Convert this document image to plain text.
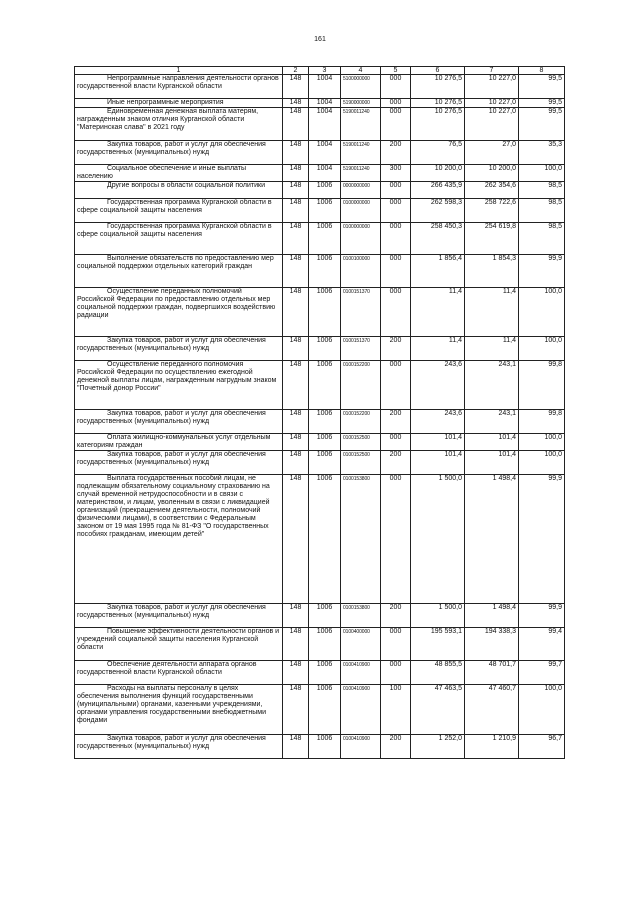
161
1	2	3	4	5	6	7	8
Непрограммные направления деятельности органов государственной власти Курганской области	148	1004	5100000000	000	10 276,5	10 227,0	99,5
Иные непрограммные мероприятия	148	1004	5190000000	000	10 276,5	10 227,0	99,5
Единовременная денежная выплата матерям, награжденным знаком отличия Курганской области "Материнская слава" в 2021 году	148	1004	5190011240	000	10 276,5	10 227,0	99,5
Закупка товаров, работ и услуг для обеспечения государственных (муниципальных) нужд	148	1004	5190011240	200	76,5	27,0	35,3
Социальное обеспечение и иные выплаты населению	148	1004	5190011240	300	10 200,0	10 200,0	100,0
Другие вопросы в области социальной политики	148	1006	0000000000	000	266 435,9	262 354,6	98,5
Государственная программа Курганской области в сфере социальной защиты населения	148	1006	0100000000	000	262 598,3	258 722,6	98,5
Государственная программа Курганской области в сфере социальной защиты населения	148	1006	0100000000	000	258 450,3	254 619,8	98,5
Выполнение обязательств по предоставлению мер социальной поддержки отдельных категорий граждан	148	1006	0100100000	000	1 856,4	1 854,3	99,9
Осуществление переданных полномочий Российской Федерации по предоставлению отдельных мер социальной поддержки граждан, подвергшихся воздействию радиации	148	1006	0100151370	000	11,4	11,4	100,0
Закупка товаров, работ и услуг для обеспечения государственных (муниципальных) нужд	148	1006	0100151370	200	11,4	11,4	100,0
Осуществление переданного полномочия Российской Федерации по осуществлению ежегодной денежной выплаты лицам, награжденным нагрудным знаком "Почетный донор России"	148	1006	0100152200	000	243,6	243,1	99,8
Закупка товаров, работ и услуг для обеспечения государственных (муниципальных) нужд	148	1006	0100152200	200	243,6	243,1	99,8
Оплата жилищно-коммунальных услуг отдельным категориям граждан	148	1006	0100152500	000	101,4	101,4	100,0
Закупка товаров, работ и услуг для обеспечения государственных (муниципальных) нужд	148	1006	0100152500	200	101,4	101,4	100,0
Выплата государственных пособий лицам, не подлежащим обязательному социальному страхованию на случай временной нетрудоспособности и в связи с материнством, и лицам, уволенным в связи с ликвидацией организаций (прекращением деятельности, полномочий физическими лицами), в соответствии с Федеральным законом от 19 мая 1995 года № 81-ФЗ "О государственных пособиях гражданам, имеющим детей"	148	1006	0100153800	000	1 500,0	1 498,4	99,9
Закупка товаров, работ и услуг для обеспечения государственных (муниципальных) нужд	148	1006	0100153800	200	1 500,0	1 498,4	99,9
Повышение эффективности деятельности органов и учреждений социальной защиты населения Курганской области	148	1006	0100400000	000	195 593,1	194 338,3	99,4
Обеспечение деятельности аппарата органов государственной власти Курганской области	148	1006	0100410900	000	48 855,5	48 701,7	99,7
Расходы на выплаты персоналу в целях обеспечения выполнения функций государственными (муниципальными) органами, казенными учреждениями, органами управления государственными внебюджетными фондами	148	1006	0100410900	100	47 463,5	47 460,7	100,0
Закупка товаров, работ и услуг для обеспечения государственных (муниципальных) нужд	148	1006	0100410900	200	1 252,0	1 210,9	96,7
